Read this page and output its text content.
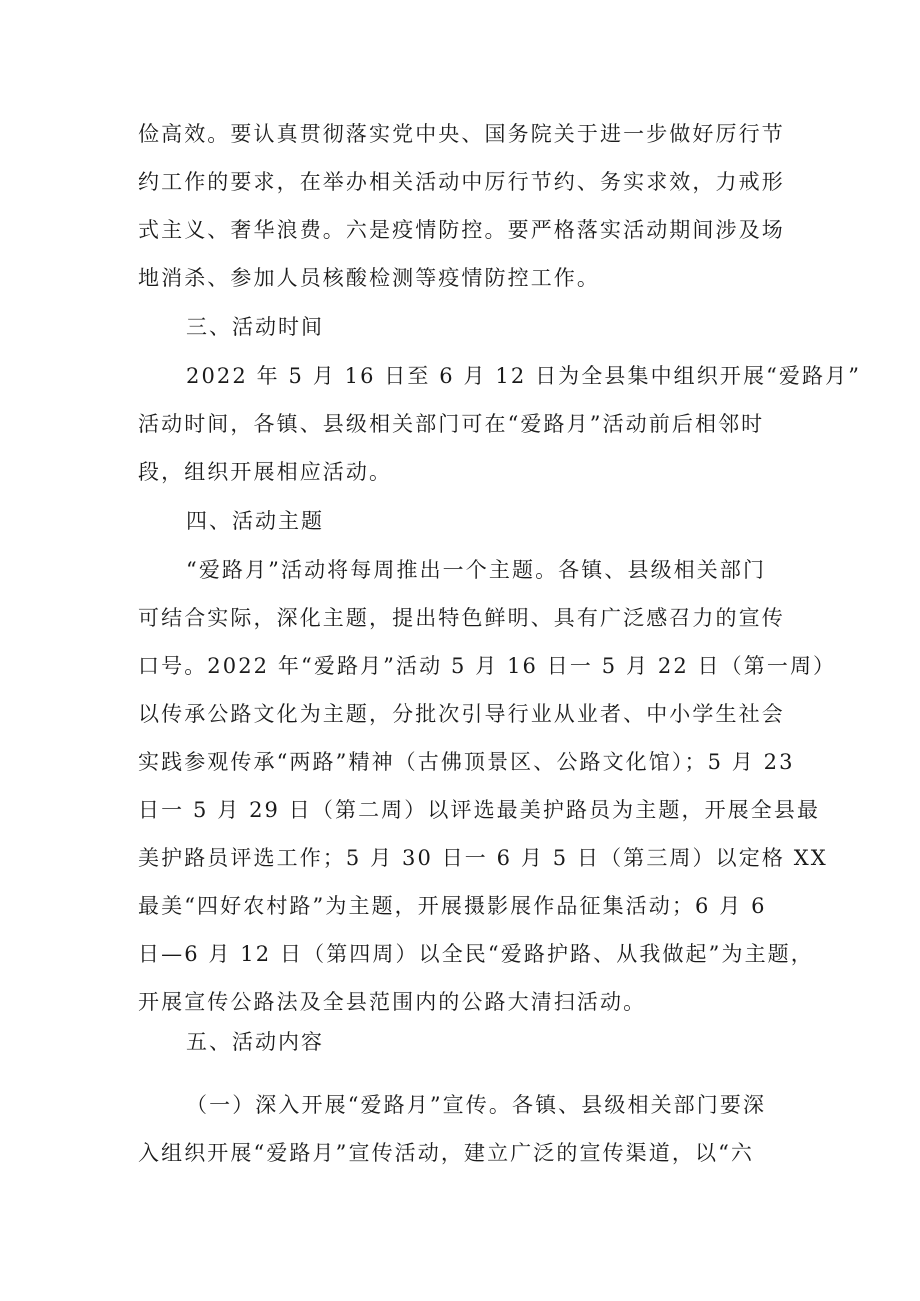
俭高效。要认真贯彻落实党中央、国务院关于进一步做好厉行节
约工作的要求，在举办相关活动中厉行节约、务实求效，力戒形
式主义、奢华浪费。六是疫情防控。要严格落实活动期间涉及场
地消杀、参加人员核酸检测等疫情防控工作。
三、活动时间
2022 年 5 月 16 日至 6 月 12 日为全县集中组织开展“爱路月”
活动时间，各镇、县级相关部门可在“爱路月”活动前后相邻时
段，组织开展相应活动。
四、活动主题
“爱路月”活动将每周推出一个主题。各镇、县级相关部门
可结合实际，深化主题，提出特色鲜明、具有广泛感召力的宣传
口号。2022 年“爱路月”活动 5 月 16 日一 5 月 22 日（第一周）
以传承公路文化为主题，分批次引导行业从业者、中小学生社会
实践参观传承“两路”精神（古佛顶景区、公路文化馆）；5 月 23
日一 5 月 29 日（第二周）以评选最美护路员为主题，开展全县最
美护路员评选工作；5 月 30 日一 6 月 5 日（第三周）以定格 XX
最美“四好农村路”为主题，开展摄影展作品征集活动；6 月 6
日—6 月 12 日（第四周）以全民“爱路护路、从我做起”为主题，
开展宣传公路法及全县范围内的公路大清扫活动。
五、活动内容
（一）深入开展“爱路月”宣传。各镇、县级相关部门要深
入组织开展“爱路月”宣传活动，建立广泛的宣传渠道，以“六
